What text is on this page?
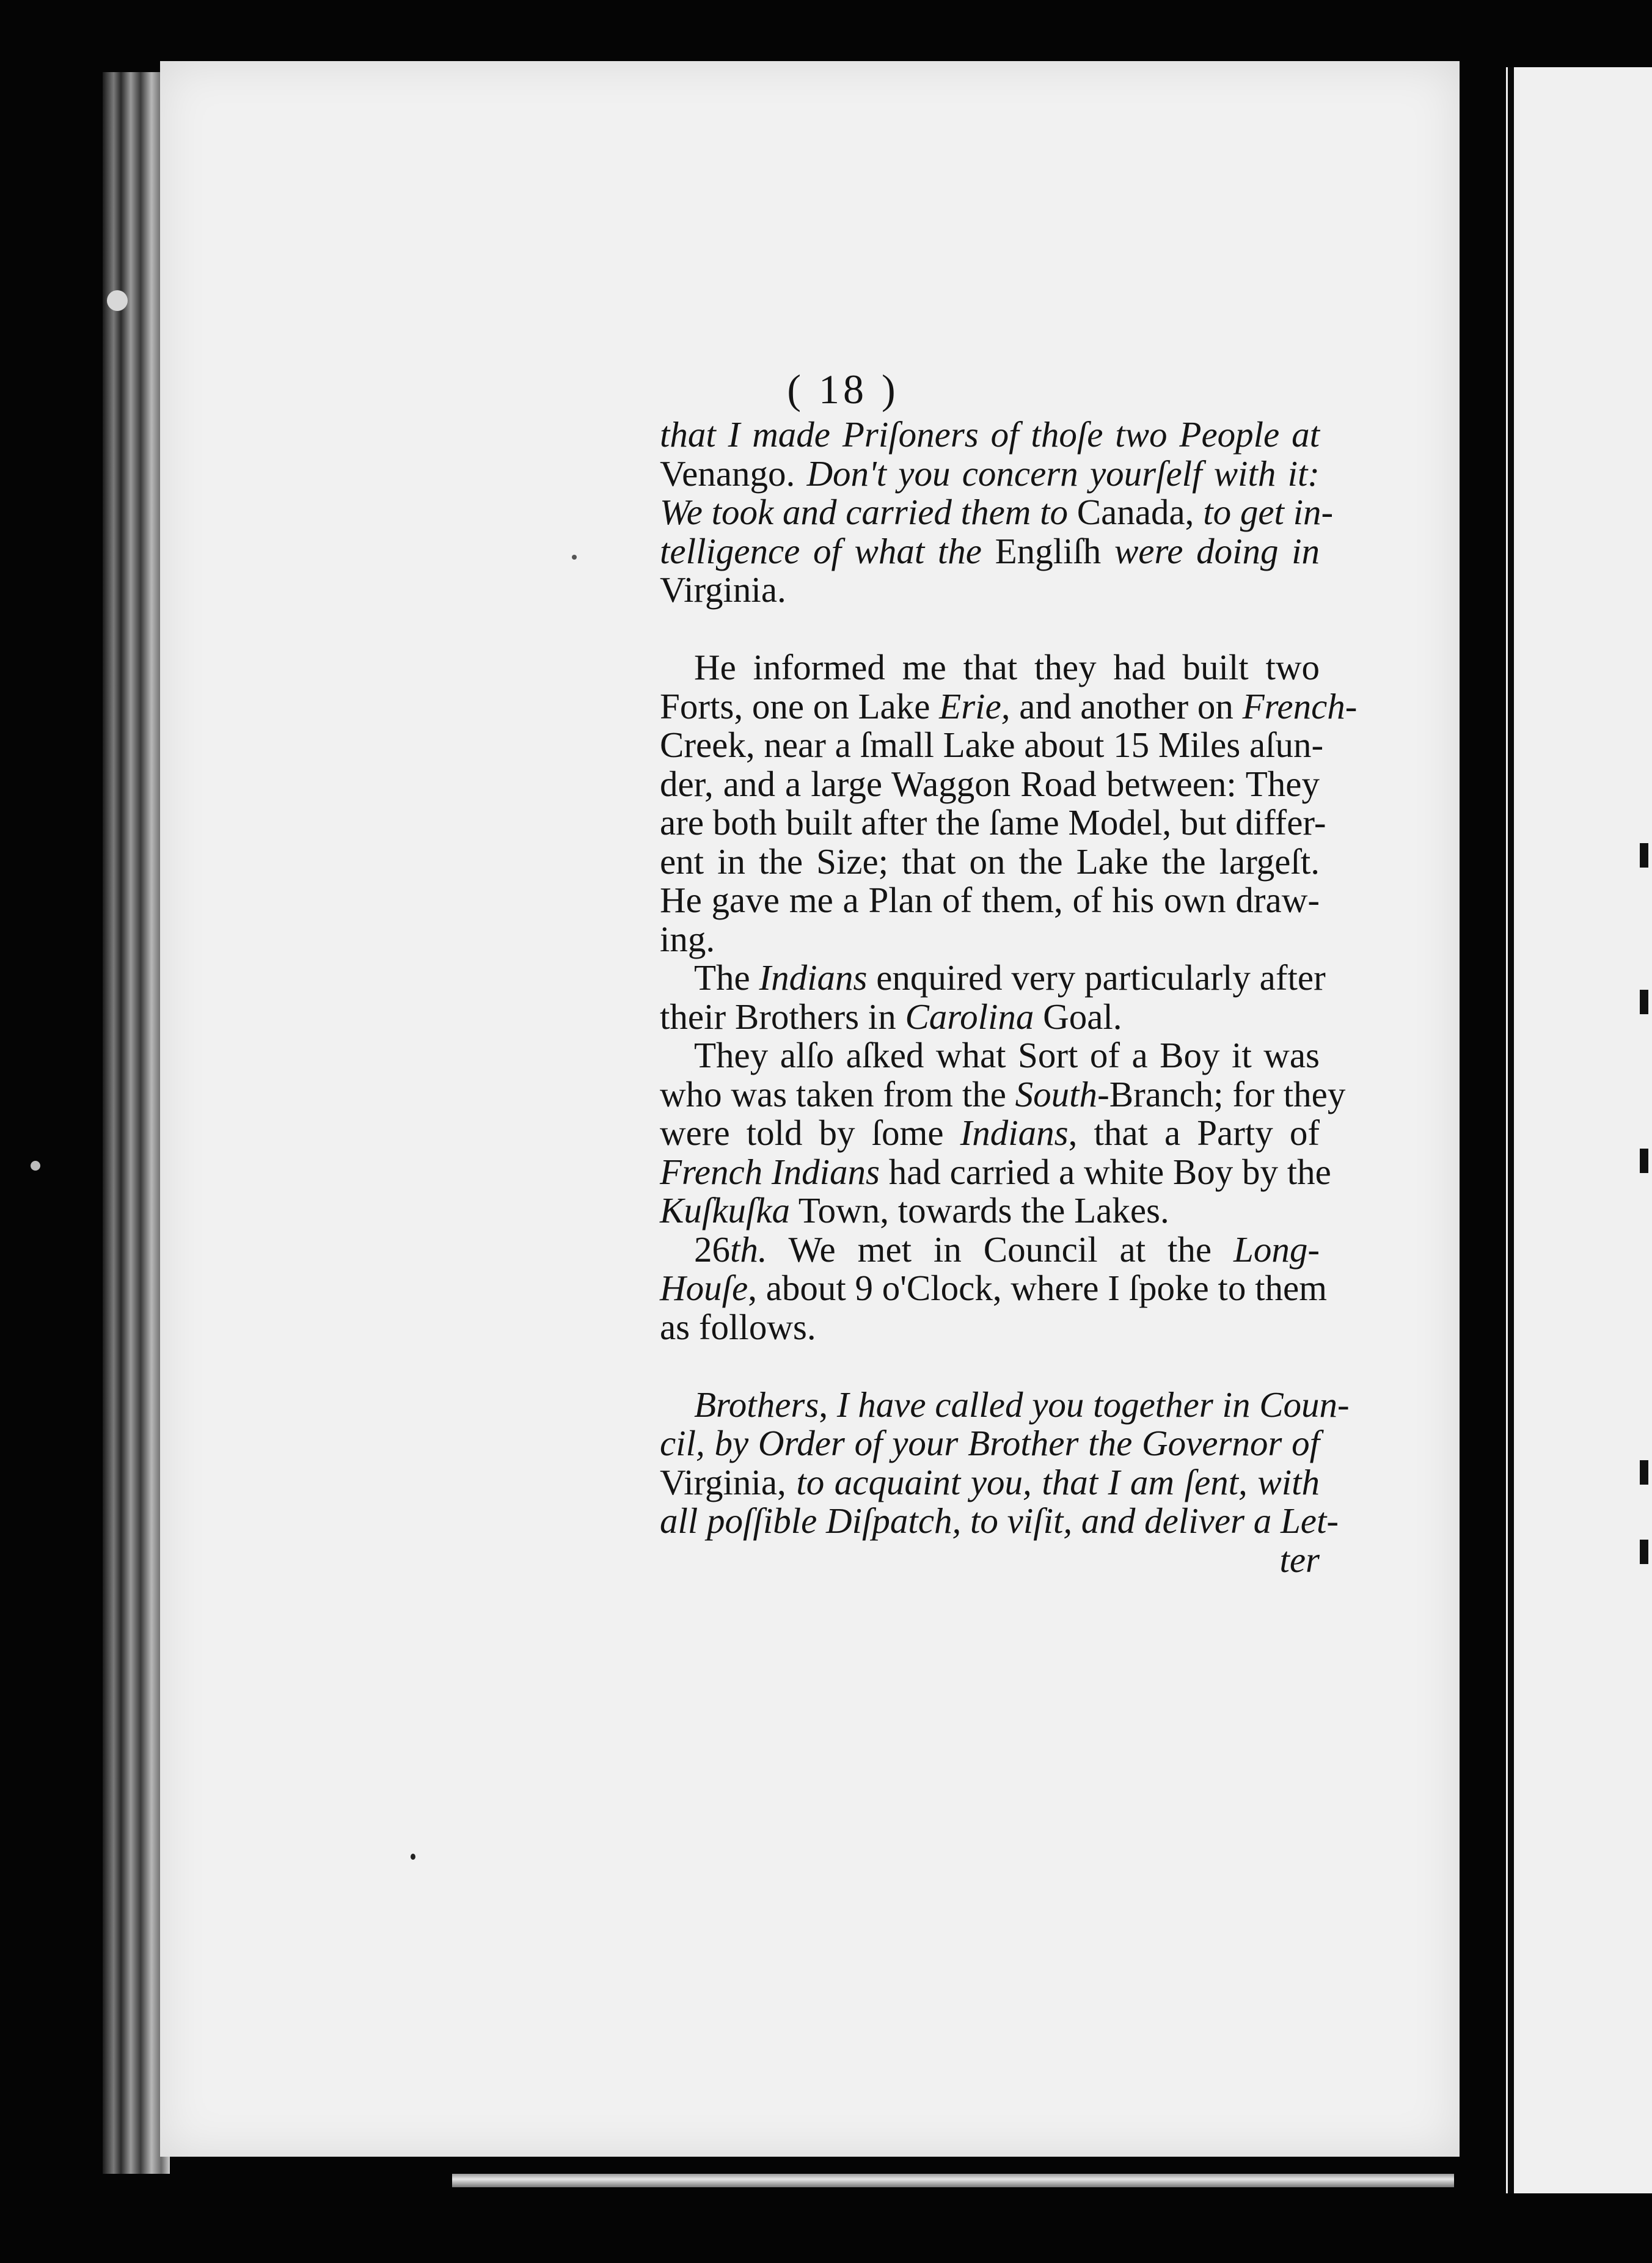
( 18 )
that I made Priſoners of thoſe two People at
Venango. Don't you concern yourſelf with it:
We took and carried them to Canada, to get in-
telligence of what the Engliſh were doing in
Virginia.
He informed me that they had built two
Forts, one on Lake Erie, and another on French-
Creek, near a ſmall Lake about 15 Miles aſun-
der, and a large Waggon Road between: They
are both built after the ſame Model, but differ-
ent in the Size; that on the Lake the largeſt.
He gave me a Plan of them, of his own draw-
ing.
The Indians enquired very particularly after
their Brothers in Carolina Goal.
They alſo aſked what Sort of a Boy it was
who was taken from the South-Branch; for they
were told by ſome Indians, that a Party of
French Indians had carried a white Boy by the
Kuſkuſka Town, towards the Lakes.
26th. We met in Council at the Long-
Houſe, about 9 o'Clock, where I ſpoke to them
as follows.
Brothers, I have called you together in Coun-
cil, by Order of your Brother the Governor of
Virginia, to acquaint you, that I am ſent, with
all poſſible Diſpatch, to viſit, and deliver a Let-
ter
